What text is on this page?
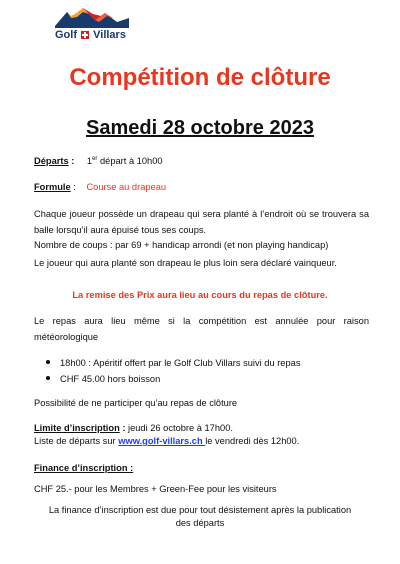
Golf Villars
Compétition de clôture
Samedi 28 octobre 2023
Départs : 1er départ à 10h00
Formule : Course au drapeau
Chaque joueur possède un drapeau qui sera planté à l’endroit où se trouvera sa balle lorsqu’il aura épuisé tous ses coups.
Nombre de coups : par 69 + handicap arrondi (et non playing handicap)
Le joueur qui aura planté son drapeau le plus loin sera déclaré vainqueur.
La remise des Prix aura lieu au cours du repas de clôture.
Le repas aura lieu même si la compétition est annulée pour raison météorologique
18h00 : Apéritif offert par le Golf Club Villars suivi du repas
CHF 45.00 hors boisson
Possibilité de ne participer qu’au repas de clôture
Limite d’inscription : jeudi 26 octobre à 17h00.
Liste de départs sur www.golf-villars.ch le vendredi dès 12h00.
Finance d’inscription :
CHF 25.- pour les Membres + Green-Fee pour les visiteurs
La finance d’inscription est due pour tout désistement après la publication
des départs
